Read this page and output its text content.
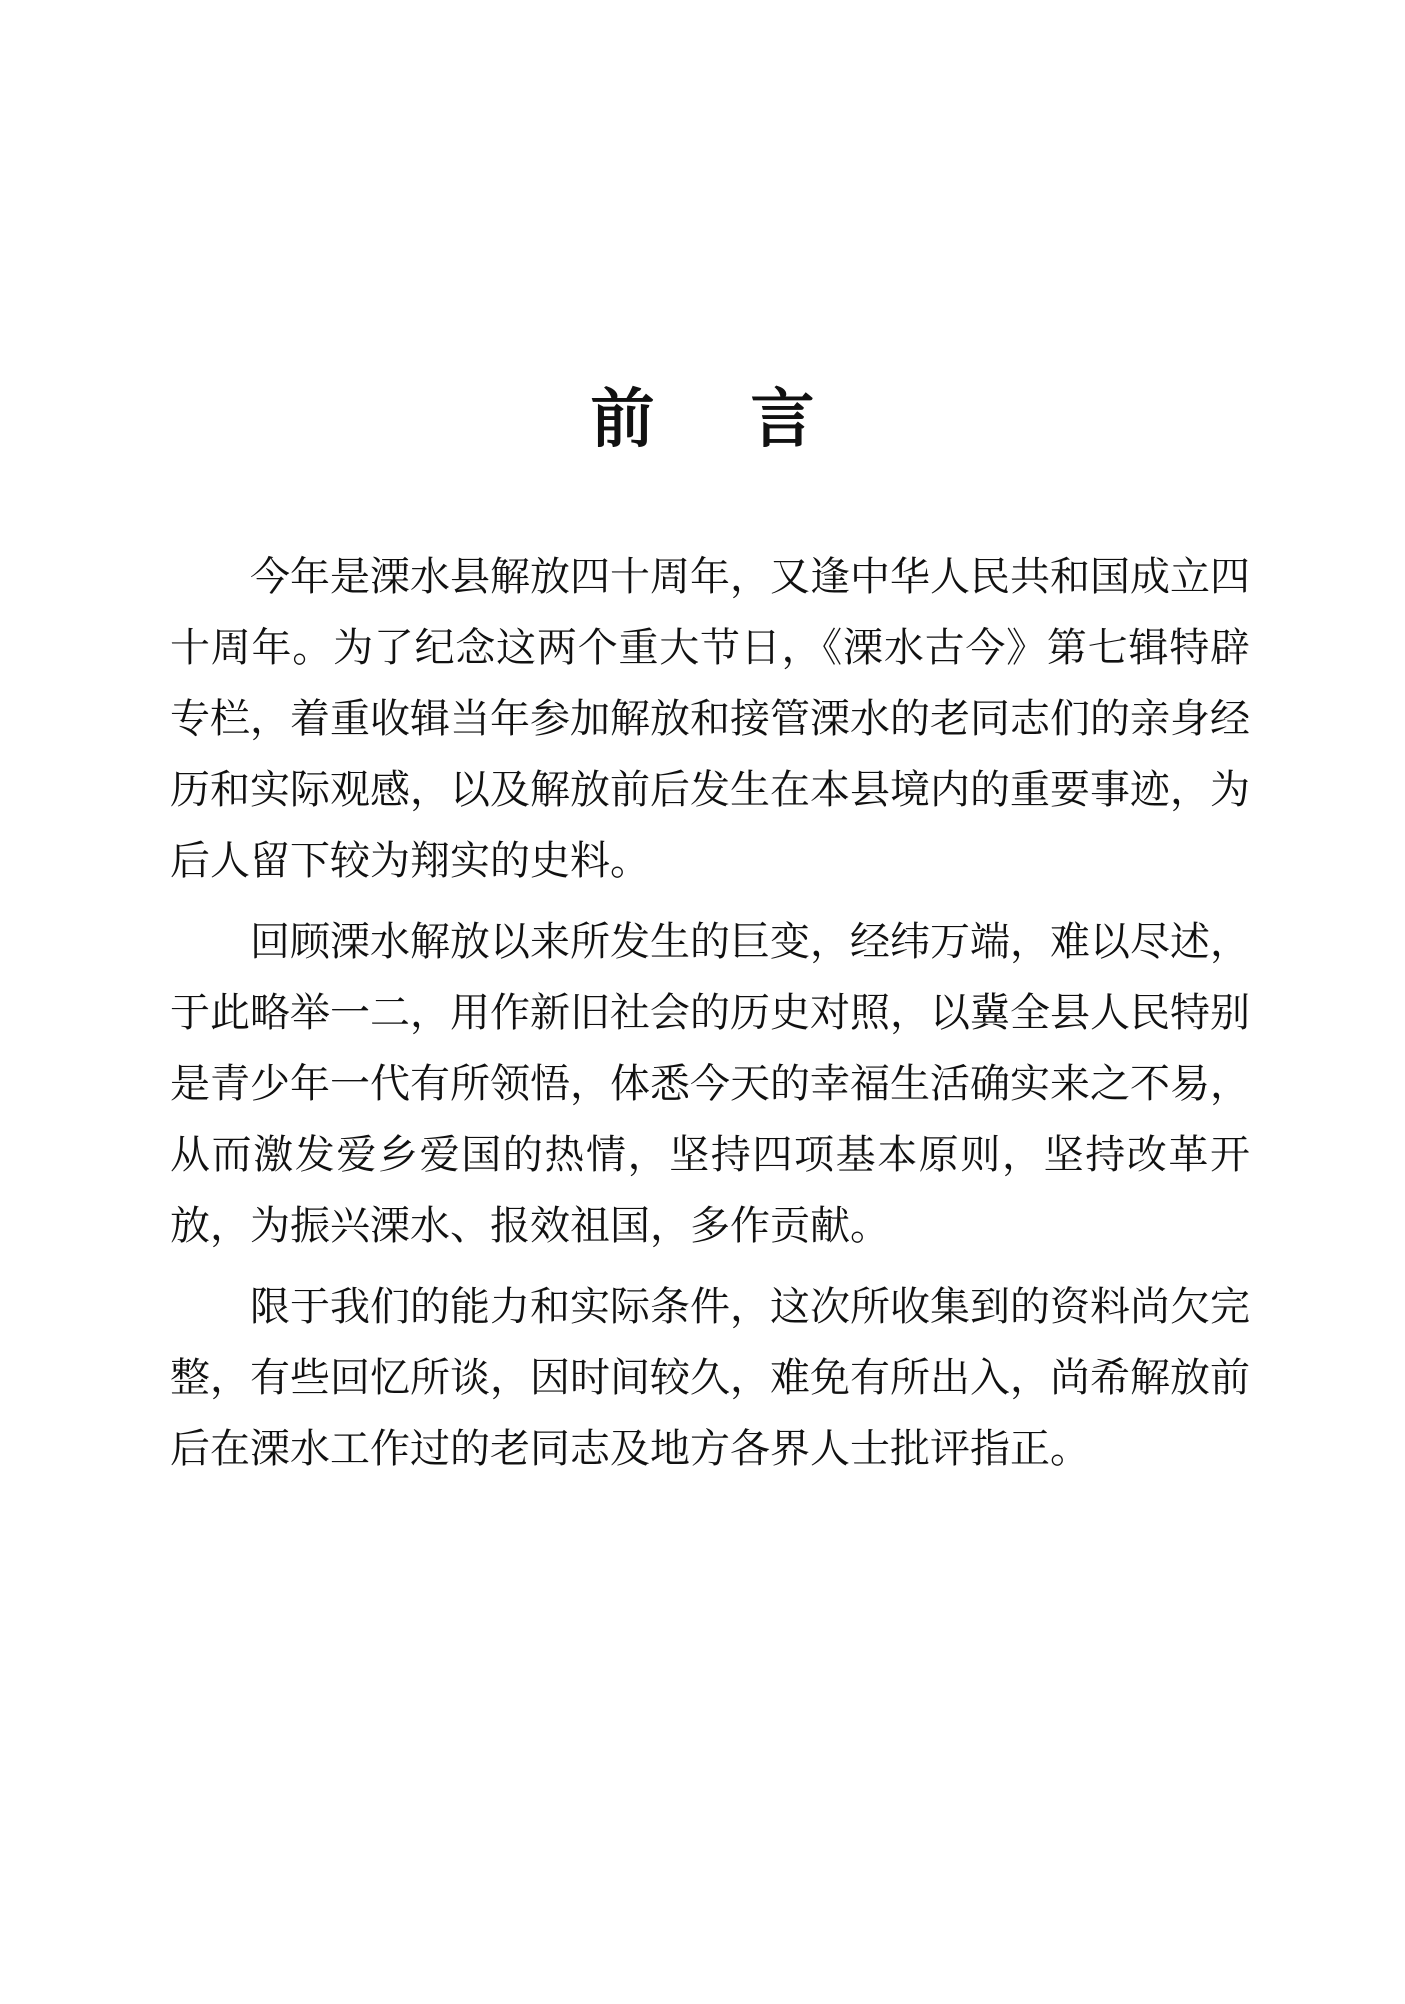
前言

今年是溧水县解放四十周年，又逢中华人民共和国成立四十周年。为了纪念这两个重大节日，《溧水古今》第七辑特辟专栏，着重收辑当年参加解放和接管溧水的老同志们的亲身经历和实际观感，以及解放前后发生在本县境内的重要事迹，为后人留下较为翔实的史料。

回顾溧水解放以来所发生的巨变，经纬万端，难以尽述，于此略举一二，用作新旧社会的历史对照，以冀全县人民特别是青少年一代有所领悟，体悉今天的幸福生活确实来之不易，从而激发爱乡爱国的热情，坚持四项基本原则，坚持改革开放，为振兴溧水、报效祖国，多作贡献。

限于我们的能力和实际条件，这次所收集到的资料尚欠完整，有些回忆所谈，因时间较久，难免有所出入，尚希解放前后在溧水工作过的老同志及地方各界人士批评指正。
